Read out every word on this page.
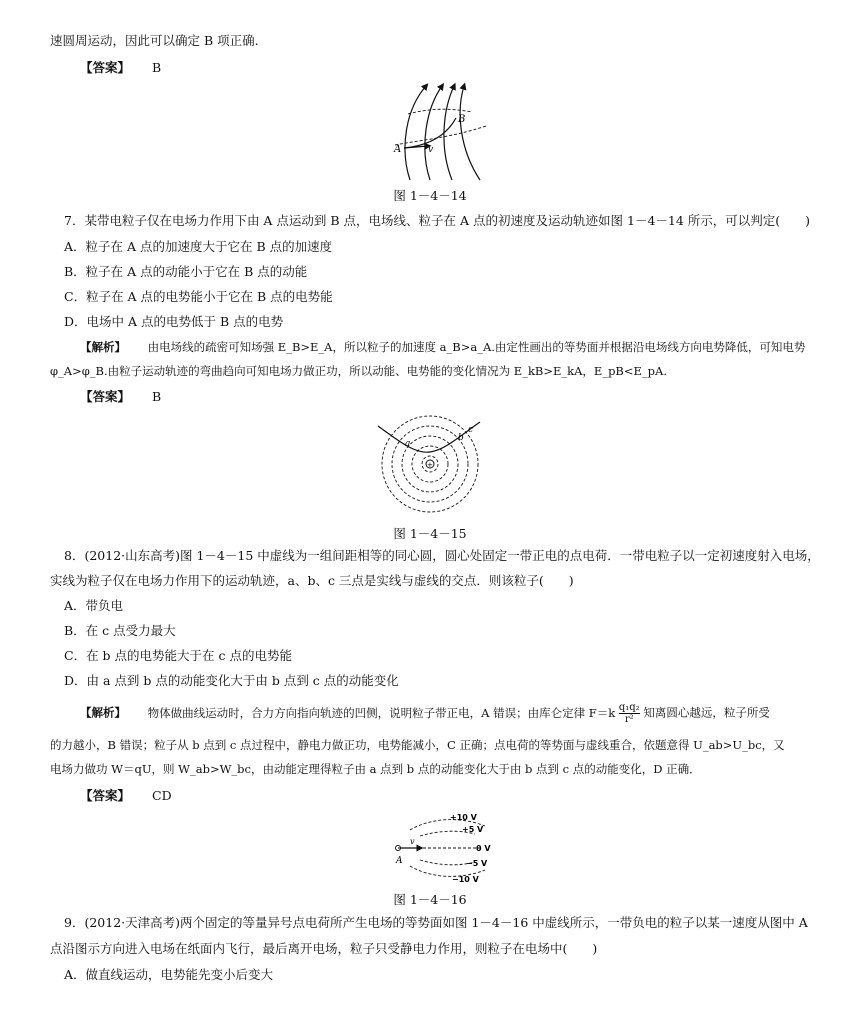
速圆周运动，因此可以确定 B 项正确.
【答案】 B
A
B
v
图 1－4－14
7．某带电粒子仅在电场力作用下由 A 点运动到 B 点，电场线、粒子在 A 点的初速度及运动轨迹如图 1－4－14 所示，可以判定(　　)
A．粒子在 A 点的加速度大于它在 B 点的加速度
B．粒子在 A 点的动能小于它在 B 点的动能
C．粒子在 A 点的电势能小于它在 B 点的电势能
D．电场中 A 点的电势低于 B 点的电势
【解析】 由电场线的疏密可知场强 E_B>E_A，所以粒子的加速度 a_B>a_A.由定性画出的等势面并根据沿电场线方向电势降低，可知电势
φ_A>φ_B.由粒子运动轨迹的弯曲趋向可知电场力做正功，所以动能、电势能的变化情况为 E_kB>E_kA，E_pB<E_pA.
【答案】 B
+
a
b
c
图 1－4－15
8．(2012·山东高考)图 1－4－15 中虚线为一组间距相等的同心圆，圆心处固定一带正电的点电荷．一带电粒子以一定初速度射入电场，
实线为粒子仅在电场力作用下的运动轨迹，a、b、c 三点是实线与虚线的交点．则该粒子(　　)
A．带负电
B．在 c 点受力最大
C．在 b 点的电势能大于在 c 点的电势能
D．由 a 点到 b 点的动能变化大于由 b 点到 c 点的动能变化
【解析】 物体做曲线运动时，合力方向指向轨迹的凹侧，说明粒子带正电，A 错误；由库仑定律 $F=k \frac{\text{q₁q₂}}{\text{r²}}$ 知离圆心越远，粒子所受
的力越小，B 错误；粒子从 b 点到 c 点过程中，静电力做正功，电势能减小，C 正确；点电荷的等势面与虚线重合，依题意得 U_ab>U_bc，又
电场力做功 W＝qU，则 W_ab>W_bc，由动能定理得粒子由 a 点到 b 点的动能变化大于由 b 点到 c 点的动能变化，D 正确．
【答案】 CD
A
v
+10 V
+5 V
0 V
−5 V
−10 V
图 1－4－16
9．(2012·天津高考)两个固定的等量异号点电荷所产生电场的等势面如图 1－4－16 中虚线所示，一带负电的粒子以某一速度从图中 A
点沿图示方向进入电场在纸面内飞行，最后离开电场，粒子只受静电力作用，则粒子在电场中(　　)
A．做直线运动，电势能先变小后变大
